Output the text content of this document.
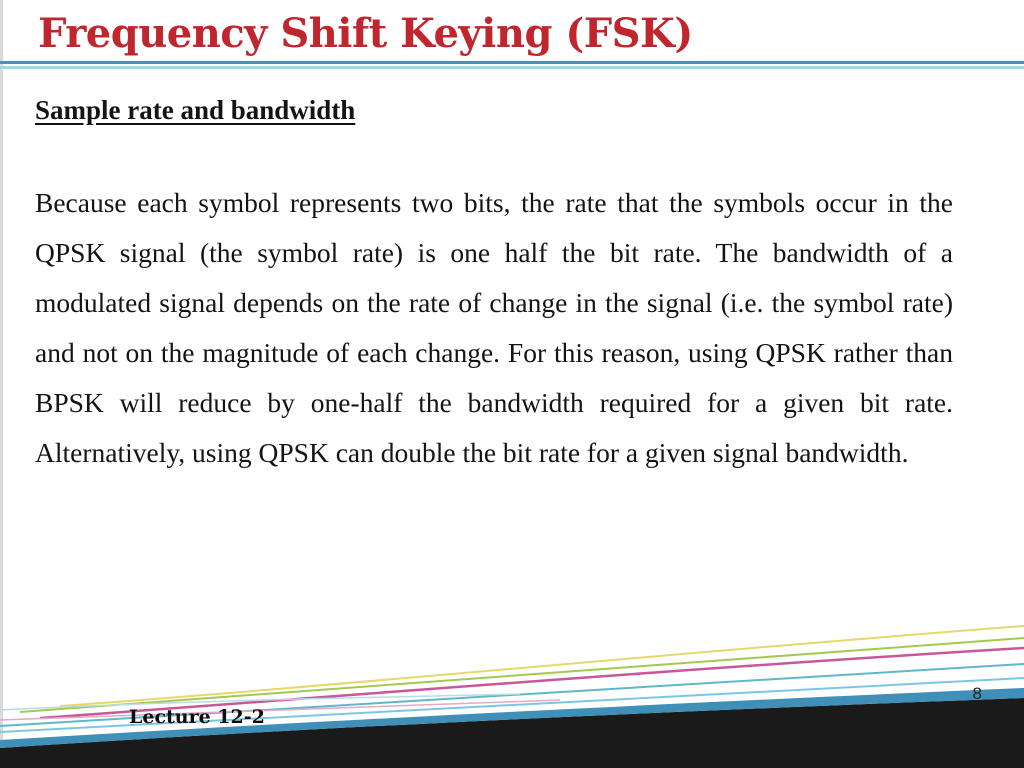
Frequency Shift Keying (FSK)
Sample rate and bandwidth

Because each symbol represents two bits, the rate that the symbols occur in the QPSK signal (the symbol rate) is one half the bit rate. The bandwidth of a modulated signal depends on the rate of change in the signal (i.e. the symbol rate) and not on the magnitude of each change. For this reason, using QPSK rather than BPSK will reduce by one-half the bandwidth required for a given bit rate. Alternatively, using QPSK can double the bit rate for a given signal bandwidth.

8
Lecture 12-2
